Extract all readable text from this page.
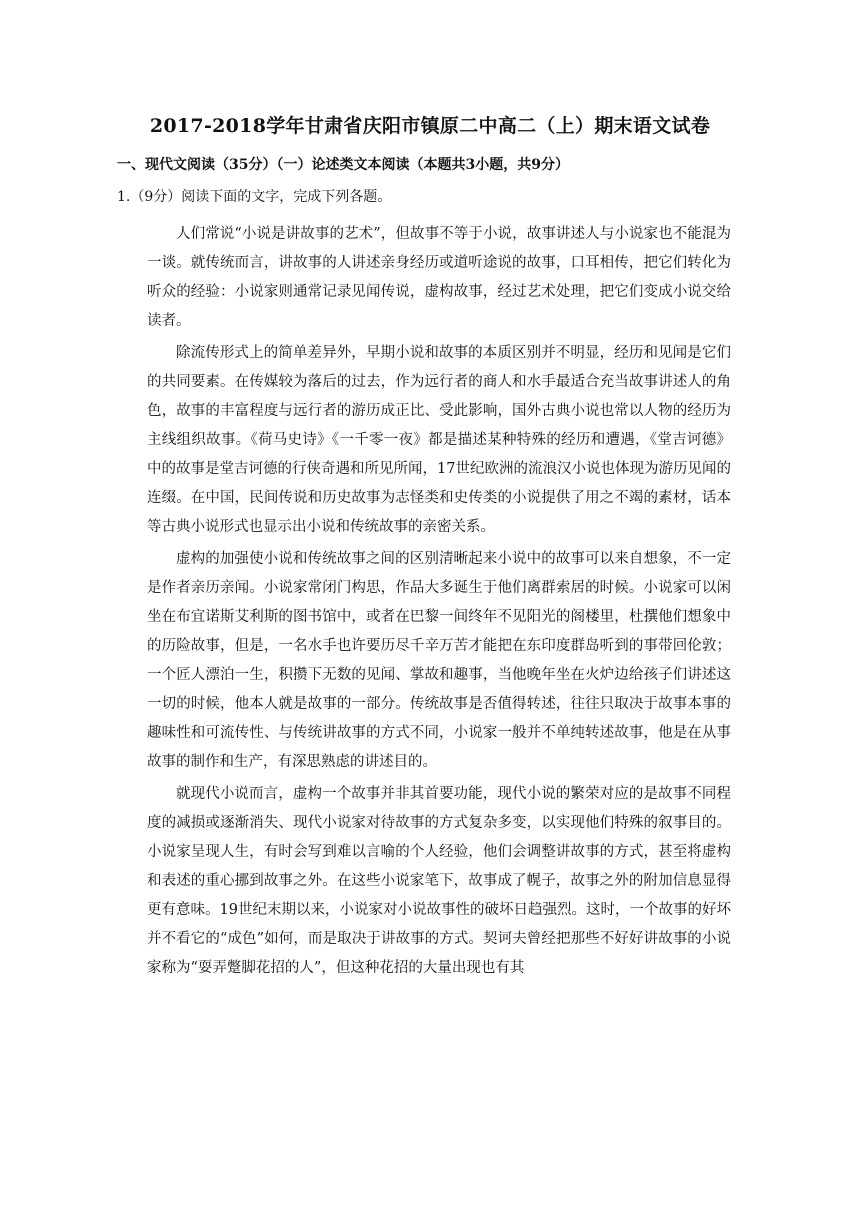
2017-2018学年甘肃省庆阳市镇原二中高二（上）期末语文试卷
一、现代文阅读（35分）（一）论述类文本阅读（本题共3小题，共9分）
1.（9分）阅读下面的文字，完成下列各题。

人们常说“小说是讲故事的艺术”，但故事不等于小说，故事讲述人与小说家也不能混为一谈。就传统而言，讲故事的人讲述亲身经历或道听途说的故事，口耳相传，把它们转化为听众的经验：小说家则通常记录见闻传说，虚构故事，经过艺术处理，把它们变成小说交给读者。

除流传形式上的简单差异外，早期小说和故事的本质区别并不明显，经历和见闻是它们的共同要素。在传媒较为落后的过去，作为远行者的商人和水手最适合充当故事讲述人的角色，故事的丰富程度与远行者的游历成正比、受此影响，国外古典小说也常以人物的经历为主线组织故事。《荷马史诗》《一千零一夜》都是描述某种特殊的经历和遭遇，《堂吉诃德》中的故事是堂吉诃德的行侠奇遇和所见所闻，17世纪欧洲的流浪汉小说也体现为游历见闻的连缀。在中国，民间传说和历史故事为志怪类和史传类的小说提供了用之不竭的素材，话本等古典小说形式也显示出小说和传统故事的亲密关系。

虚构的加强使小说和传统故事之间的区别清晰起来小说中的故事可以来自想象，不一定是作者亲历亲闻。小说家常闭门构思，作品大多诞生于他们离群索居的时候。小说家可以闲坐在布宜诺斯艾利斯的图书馆中，或者在巴黎一间终年不见阳光的阁楼里，杜撰他们想象中的历险故事，但是，一名水手也许要历尽千辛万苦才能把在东印度群岛听到的事带回伦敦；一个匠人漂泊一生，积攒下无数的见闻、掌故和趣事，当他晚年坐在火炉边给孩子们讲述这一切的时候，他本人就是故事的一部分。传统故事是否值得转述，往往只取决于故事本事的趣味性和可流传性、与传统讲故事的方式不同，小说家一般并不单纯转述故事，他是在从事故事的制作和生产，有深思熟虑的讲述目的。

就现代小说而言，虚构一个故事并非其首要功能，现代小说的繁荣对应的是故事不同程度的减损或逐渐消失、现代小说家对待故事的方式复杂多变，以实现他们特殊的叙事目的。小说家呈现人生，有时会写到难以言喻的个人经验，他们会调整讲故事的方式，甚至将虚构和表述的重心挪到故事之外。在这些小说家笔下，故事成了幌子，故事之外的附加信息显得更有意味。19世纪末期以来，小说家对小说故事性的破坏日趋强烈。这时，一个故事的好坏并不看它的“成色”如何，而是取决于讲故事的方式。契诃夫曾经把那些不好好讲故事的小说家称为“耍弄蹩脚花招的人”，但这种花招的大量出现也有其
